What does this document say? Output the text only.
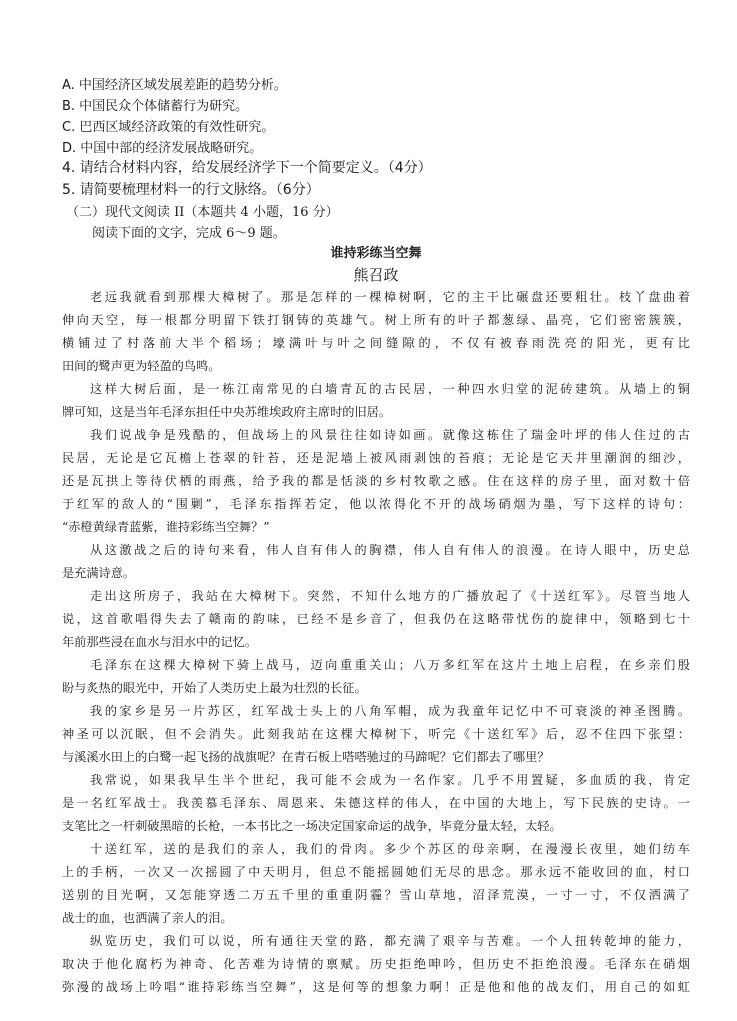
A. 中国经济区域发展差距的趋势分析。
B. 中国民众个体储蓄行为研究。
C. 巴西区域经济政策的有效性研究。
D. 中国中部的经济发展战略研究。
4. 请结合材料内容，给发展经济学下一个简要定义。（4分）
5. 请简要梳理材料一的行文脉络。（6分）
（二）现代文阅读 II（本题共 4 小题，16 分）
阅读下面的文字，完成 6～9 题。
谁持彩练当空舞
熊召政
老远我就看到那棵大樟树了。那是怎样的一棵樟树啊，它的主干比碾盘还要粗壮。枝丫盘曲着
伸向天空，每一根都分明留下铁打钢铸的英雄气。树上所有的叶子都葱绿、晶亮，它们密密簇簇，
横铺过了村落前大半个稻场；壕满叶与叶之间缝隙的，不仅有被春雨洗亮的阳光，更有比
田间的鹭声更为轻盈的鸟鸣。
这样大树后面，是一栋江南常见的白墙青瓦的古民居，一种四水归堂的泥砖建筑。从墙上的铜
牌可知，这是当年毛泽东担任中央苏维埃政府主席时的旧居。
我们说战争是残酷的，但战场上的风景往往如诗如画。就像这栋住了瑞金叶坪的伟人住过的古
民居，无论是它瓦檐上苍翠的针苔，还是泥墙上被风雨剥蚀的苔痕；无论是它天井里潮润的细沙，
还是瓦拱上等待伏栖的雨燕，给予我的都是恬淡的乡村牧歌之感。住在这样的房子里，面对数十倍
于红军的敌人的“围剿”，毛泽东指挥若定，他以浓得化不开的战场硝烟为墨，写下这样的诗句：
“赤橙黄绿青蓝紫，谁持彩练当空舞？”
从这激战之后的诗句来看，伟人自有伟人的胸襟，伟人自有伟人的浪漫。在诗人眼中，历史总
是充满诗意。
走出这所房子，我站在大樟树下。突然，不知什么地方的广播放起了《十送红军》。尽管当地人
说，这首歌唱得失去了赣南的韵味，已经不是乡音了，但我仍在这略带忧伤的旋律中，领略到七十
年前那些浸在血水与泪水中的记忆。
毛泽东在这棵大樟树下骑上战马，迈向重重关山；八万多红军在这片土地上启程，在乡亲们殷
盼与炙热的眼光中，开始了人类历史上最为壮烈的长征。
我的家乡是另一片苏区，红军战士头上的八角军帽，成为我童年记忆中不可衰淡的神圣图腾。
神圣可以沉眠，但不会消失。此刻我站在这棵大樟树下，听完《十送红军》后，忍不住四下张望：
与溪溪水田上的白鹭一起飞扬的战旗呢？在青石板上嗒嗒驰过的马蹄呢？它们都去了哪里？
我常说，如果我早生半个世纪，我可能不会成为一名作家。几乎不用置疑，多血质的我，肯定
是一名红军战士。我羡慕毛泽东、周恩来、朱德这样的伟人，在中国的大地上，写下民族的史诗。一
支笔比之一杆刺破黑暗的长枪，一本书比之一场决定国家命运的战争，毕竟分量太轻，太轻。
十送红军，送的是我们的亲人，我们的骨肉。多少个苏区的母亲啊，在漫漫长夜里，她们纺车
上的手柄，一次又一次摇圆了中天明月，但总不能摇圆她们无尽的思念。那永远不能收回的血，村口
送别的目光啊，又怎能穿透二万五千里的重重阴霾？雪山草地，沼泽荒漠，一寸一寸，不仅洒满了
战士的血，也洒满了亲人的泪。
纵览历史，我们可以说，所有通往天堂的路，都充满了艰辛与苦难。一个人扭转乾坤的能力，
取决于他化腐朽为神奇、化苦难为诗情的禀赋。历史拒绝呻吟，但历史不拒绝浪漫。毛泽东在硝烟
弥漫的战场上吟唱“谁持彩练当空舞”，这是何等的想象力啊！正是他和他的战友们，用自己的如虹
